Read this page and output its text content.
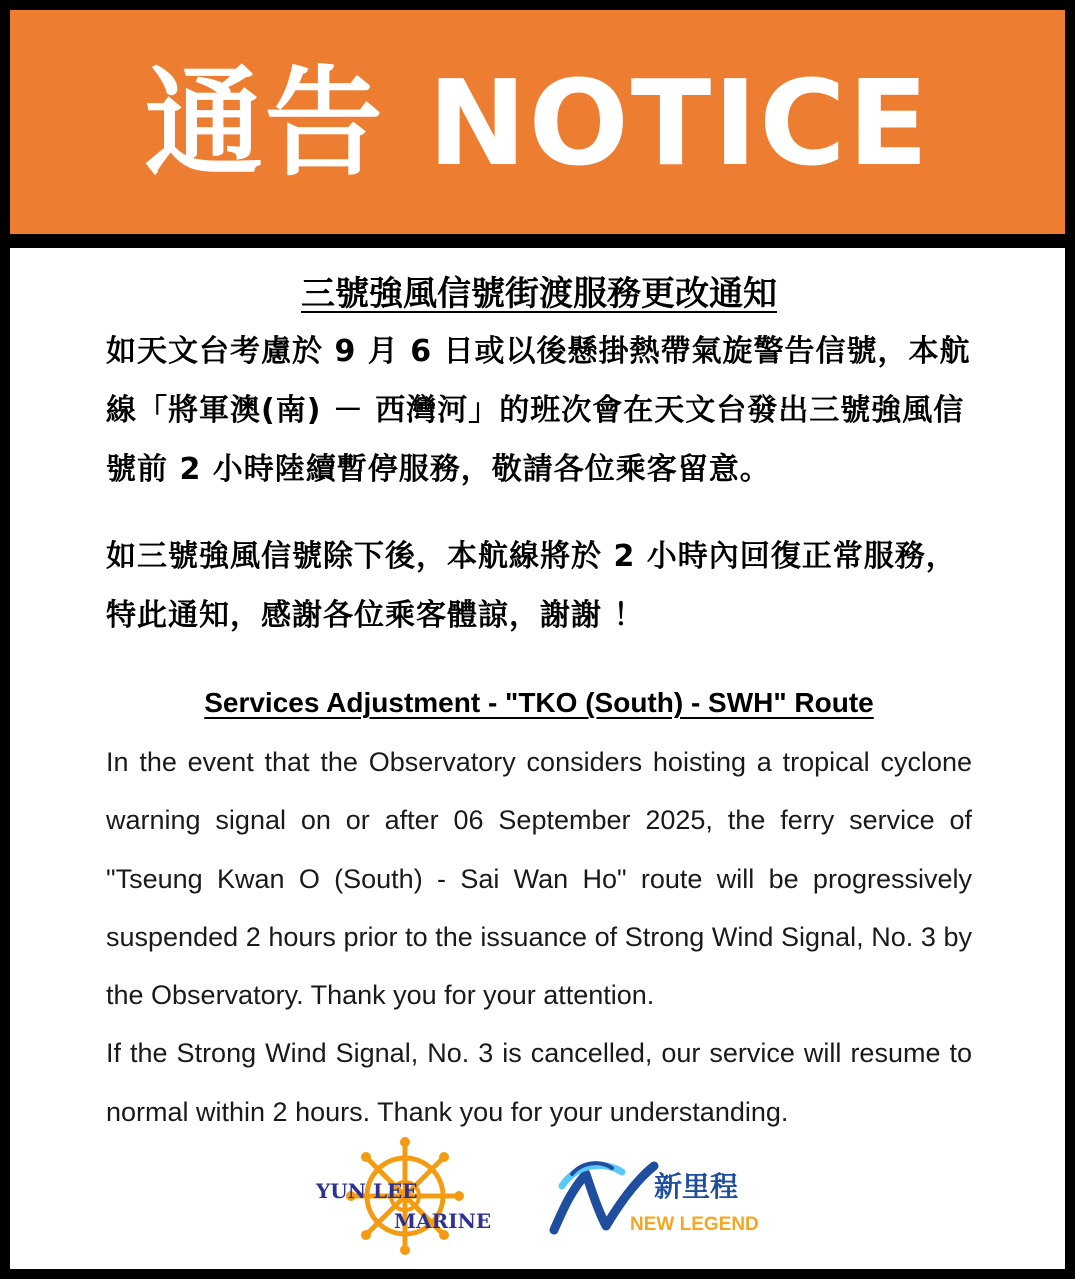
通告 NOTICE
三號強風信號街渡服務更改通知

如天文台考慮於 9 月 6 日或以後懸掛熱帶氣旋警告信號，本航線「將軍澳(南) － 西灣河」的班次會在天文台發出三號強風信號前 2 小時陸續暫停服務，敬請各位乘客留意。

如三號強風信號除下後，本航線將於 2 小時內回復正常服務，特此通知，感謝各位乘客體諒，謝謝 ！

Services Adjustment - "TKO (South) - SWH" Route

In the event that the Observatory considers hoisting a tropical cyclone warning signal on or after 06 September 2025, the ferry service of "Tseung Kwan O (South) - Sai Wan Ho" route will be progressively suspended 2 hours prior to the issuance of Strong Wind Signal, No. 3 by the Observatory. Thank you for your attention.

If the Strong Wind Signal, No. 3 is cancelled, our service will resume to normal within 2 hours. Thank you for your understanding.

YUN LEE
MARINE
新里程
NEW LEGEND
